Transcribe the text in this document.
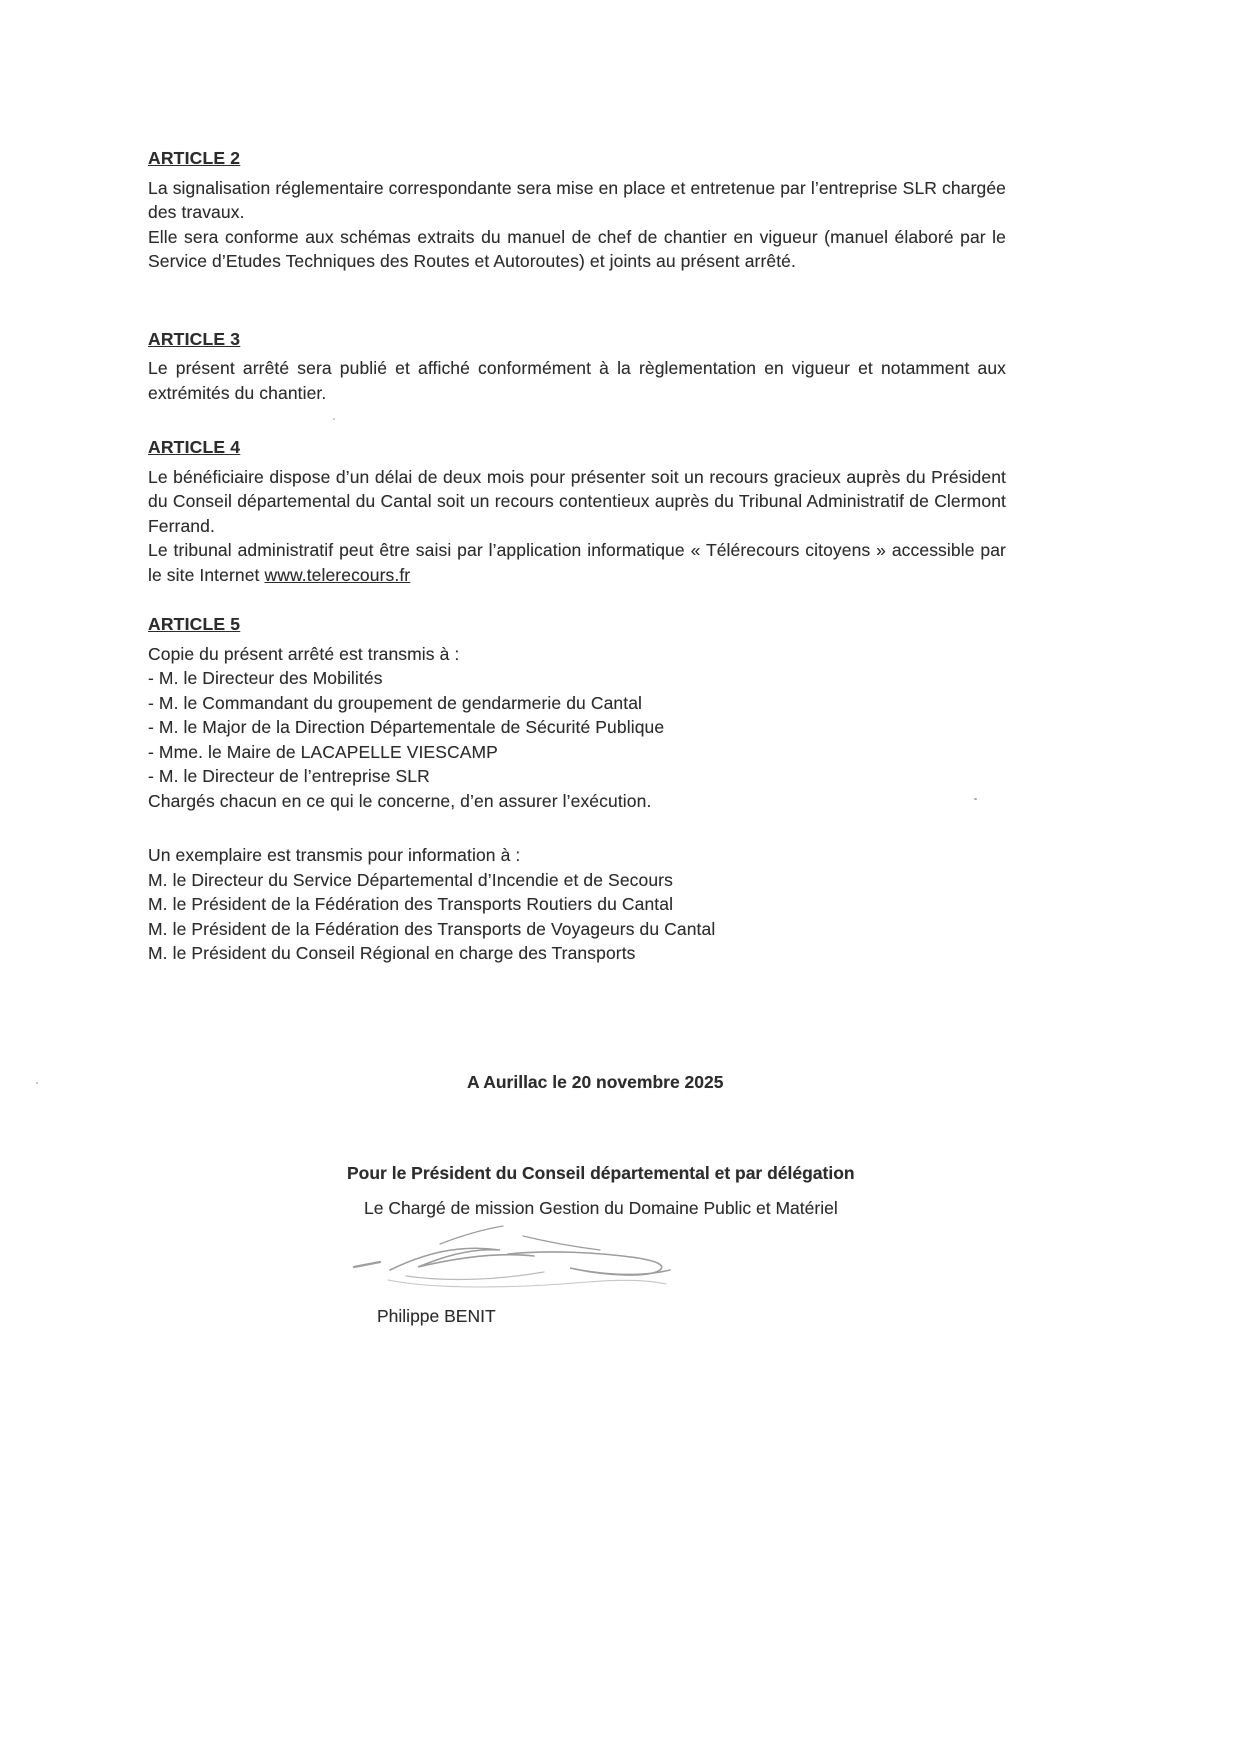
ARTICLE 2

La signalisation réglementaire correspondante sera mise en place et entretenue par l’entreprise SLR chargée des travaux.

Elle sera conforme aux schémas extraits du manuel de chef de chantier en vigueur (manuel élaboré par le Service d’Etudes Techniques des Routes et Autoroutes) et joints au présent arrêté.

ARTICLE 3

Le présent arrêté sera publié et affiché conformément à la règlementation en vigueur et notamment aux extrémités du chantier.

ARTICLE 4

Le bénéficiaire dispose d’un délai de deux mois pour présenter soit un recours gracieux auprès du Président du Conseil départemental du Cantal soit un recours contentieux auprès du Tribunal Administratif de Clermont Ferrand.

Le tribunal administratif peut être saisi par l’application informatique « Télérecours citoyens » accessible par le site Internet www.telerecours.fr

ARTICLE 5

Copie du présent arrêté est transmis à :

- M. le Directeur des Mobilités

- M. le Commandant du groupement de gendarmerie du Cantal

- M. le Major de la Direction Départementale de Sécurité Publique

- Mme. le Maire de LACAPELLE VIESCAMP

- M. le Directeur de l’entreprise SLR

Chargés chacun en ce qui le concerne, d’en assurer l’exécution.

Un exemplaire est transmis pour information à :

M. le Directeur du Service Départemental d’Incendie et de Secours

M. le Président de la Fédération des Transports Routiers du Cantal

M. le Président de la Fédération des Transports de Voyageurs du Cantal

M. le Président du Conseil Régional en charge des Transports

A Aurillac le 20 novembre 2025
Pour le Président du Conseil départemental et par délégation
Le Chargé de mission Gestion du Domaine Public et Matériel
Philippe BENIT
